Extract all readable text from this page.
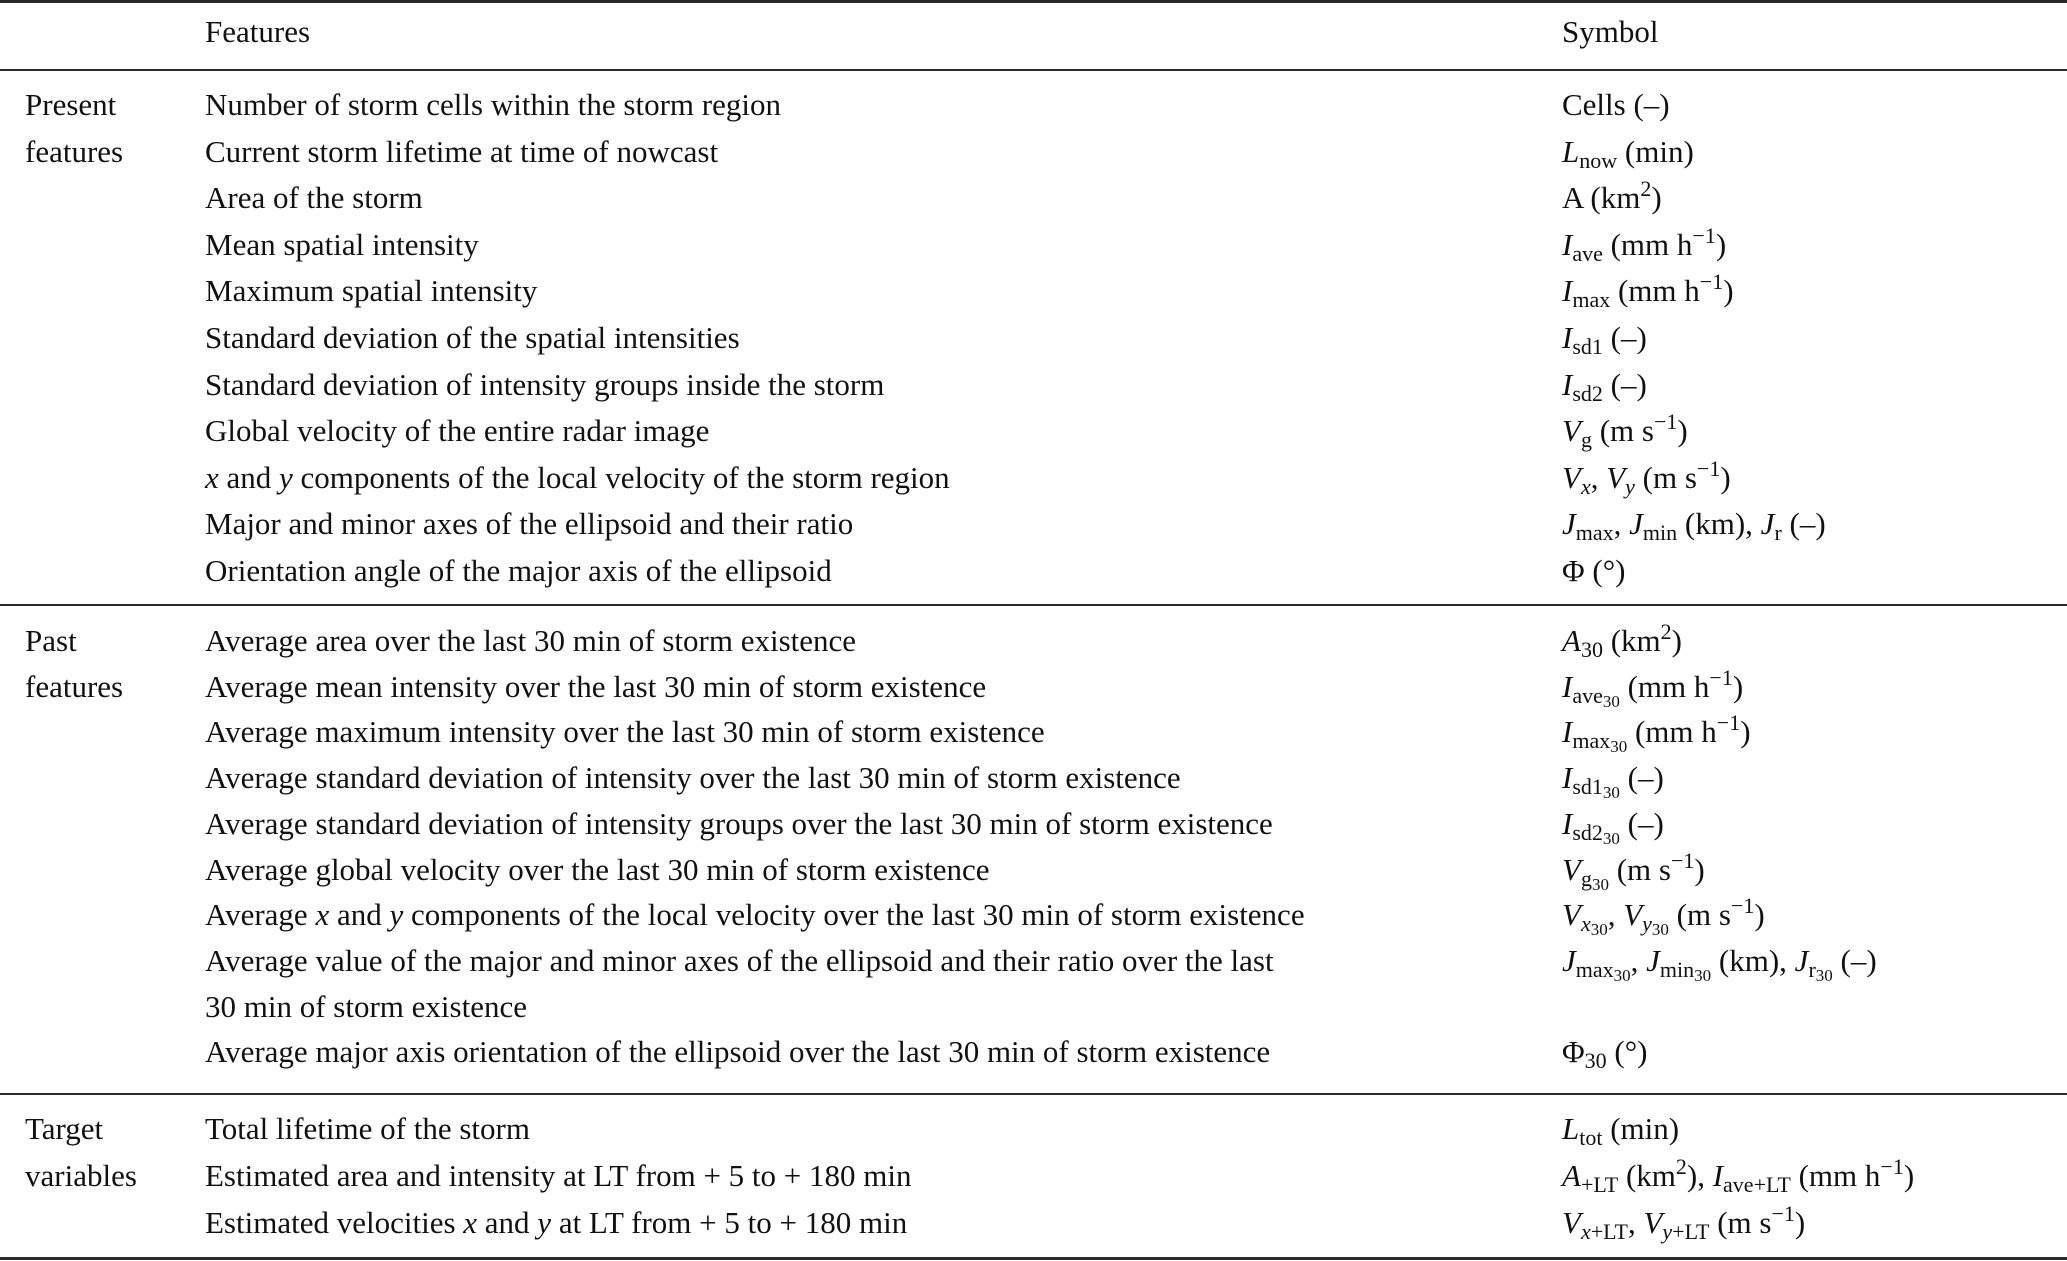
Features	Symbol
Present
features
Number of storm cells within the storm region	Cells (–)
Current storm lifetime at time of nowcast	$L_{now}$ (min)
Area of the storm	A $(km^2)$
Mean spatial intensity	$I_{ave}$ (mm $h^{-1}$)
Maximum spatial intensity	$I_{max}$ (mm $h^{-1}$)
Standard deviation of the spatial intensities	$I_{sd1}$ (–)
Standard deviation of intensity groups inside the storm	$I_{sd2}$ (–)
Global velocity of the entire radar image	$V_g$ (m $s^{-1}$)
x and y components of the local velocity of the storm region	$V_x$, $V_y$ (m $s^{-1}$)
Major and minor axes of the ellipsoid and their ratio	$J_{max}$, $J_{min}$ (km), $J_r$ (–)
Orientation angle of the major axis of the ellipsoid	Φ (°)
Past
features
Average area over the last 30 min of storm existence	$A_{30}$ $(km^2)$
Average mean intensity over the last 30 min of storm existence	$I_{ave_{30}}$ (mm $h^{-1}$)
Average maximum intensity over the last 30 min of storm existence	$I_{max_{30}}$ (mm $h^{-1}$)
Average standard deviation of intensity over the last 30 min of storm existence	$I_{sd1_{30}}$ (–)
Average standard deviation of intensity groups over the last 30 min of storm existence	$I_{sd2_{30}}$ (–)
Average global velocity over the last 30 min of storm existence	$V_{g_{30}}$ (m $s^{-1}$)
Average x and y components of the local velocity over the last 30 min of storm existence	$V_{x_{30}}$, $V_{y_{30}}$ (m $s^{-1}$)
Average value of the major and minor axes of the ellipsoid and their ratio over the last	$J_{max_{30}}$, $J_{min_{30}}$ (km), $J_{r_{30}}$ (–)
30 min of storm existence
Average major axis orientation of the ellipsoid over the last 30 min of storm existence	$\Phi_{30}$ (°)
Target
variables
Total lifetime of the storm	$L_{tot}$ (min)
Estimated area and intensity at LT from + 5 to + 180 min	$A_{+LT}$ $(km^2)$, $I_{ave+LT}$ (mm $h^{-1}$)
Estimated velocities x and y at LT from + 5 to + 180 min	$V_{x+LT}$, $V_{y+LT}$ (m $s^{-1}$)
